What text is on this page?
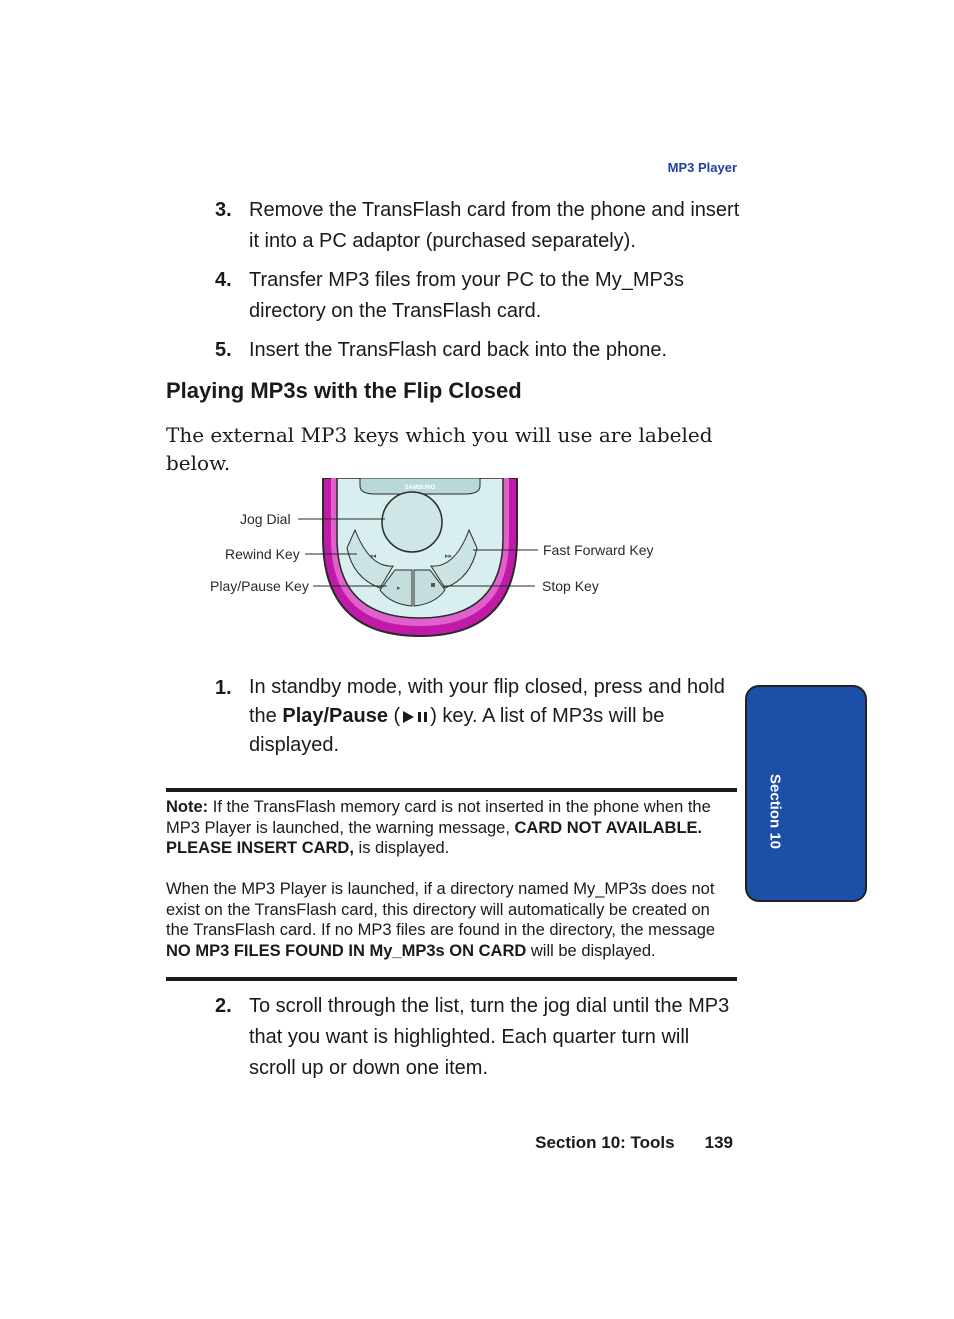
MP3 Player
3. Remove the TransFlash card from the phone and insert it into a PC adaptor (purchased separately).
4. Transfer MP3 files from your PC to the My_MP3s directory on the TransFlash card.
5. Insert the TransFlash card back into the phone.
Playing MP3s with the Flip Closed
The external MP3 keys which you will use are labeled below.
SAMSUNG
◂◂	▸▸
▸
Jog Dial
Rewind Key
Play/Pause Key
Fast Forward Key
Stop Key
1. In standby mode, with your flip closed, press and hold the Play/Pause ( ) key. A list of MP3s will be displayed.
Note: If the TransFlash memory card is not inserted in the phone when the MP3 Player is launched, the warning message, CARD NOT AVAILABLE. PLEASE INSERT CARD, is displayed.
When the MP3 Player is launched, if a directory named My_MP3s does not exist on the TransFlash card, this directory will automatically be created on the TransFlash card. If no MP3 files are found in the directory, the message NO MP3 FILES FOUND IN My_MP3s ON CARD will be displayed.
2. To scroll through the list, turn the jog dial until the MP3 that you want is highlighted. Each quarter turn will scroll up or down one item.
Section 10: Tools 139
Section 10
